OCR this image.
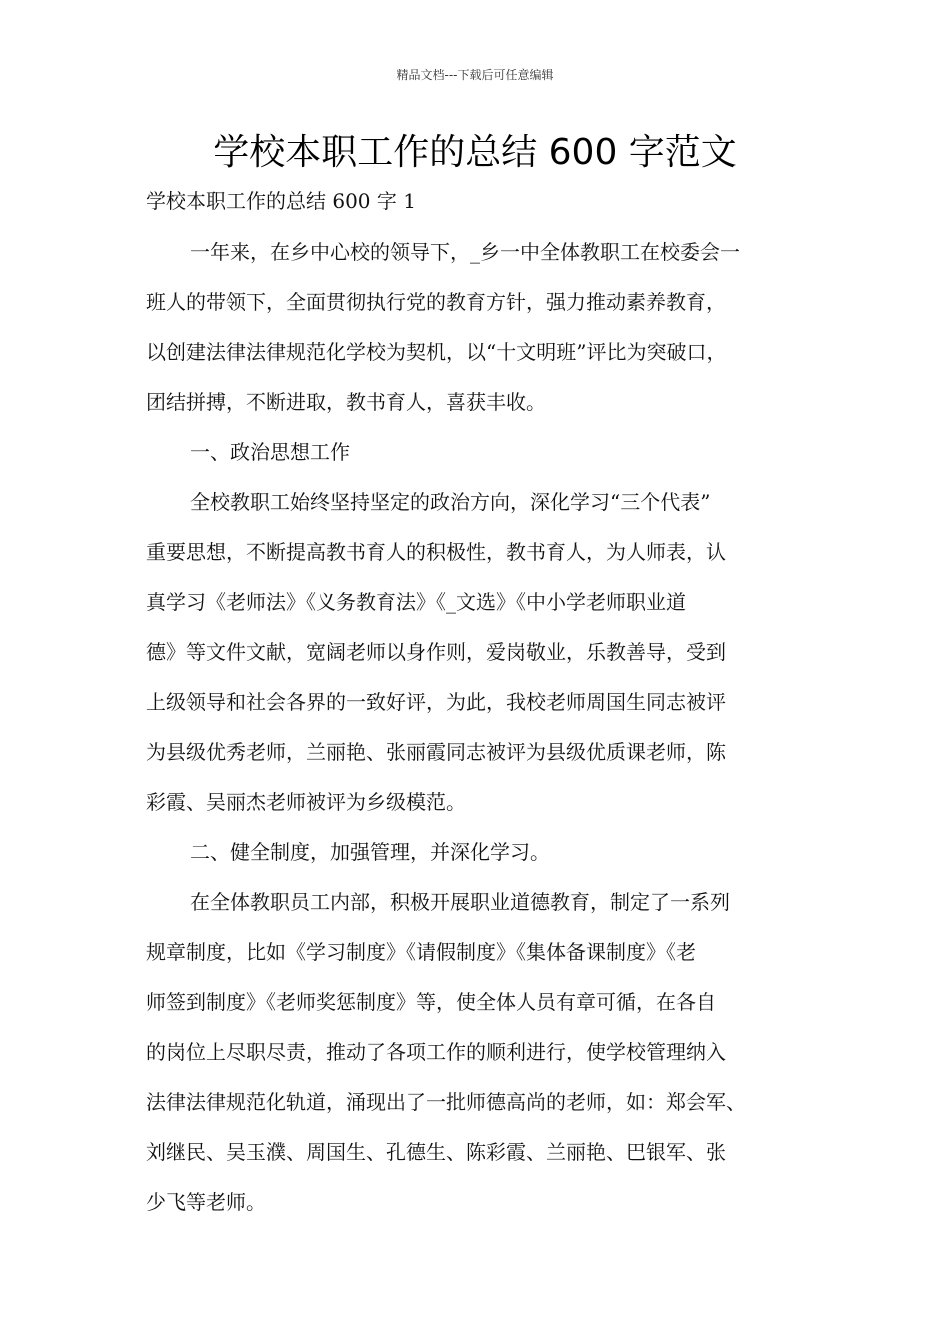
精品文档---下载后可任意编辑
学校本职工作的总结 600 字范文
学校本职工作的总结 600 字 1
一年来，在乡中心校的领导下，_乡一中全体教职工在校委会一
班人的带领下，全面贯彻执行党的教育方针，强力推动素养教育，
以创建法律法律规范化学校为契机，以“十文明班”评比为突破口，
团结拼搏，不断进取，教书育人，喜获丰收。
一、政治思想工作
全校教职工始终坚持坚定的政治方向，深化学习“三个代表”
重要思想，不断提高教书育人的积极性，教书育人，为人师表，认
真学习《老师法》《义务教育法》《_文选》《中小学老师职业道
德》等文件文献，宽阔老师以身作则，爱岗敬业，乐教善导，受到
上级领导和社会各界的一致好评，为此，我校老师周国生同志被评
为县级优秀老师，兰丽艳、张丽霞同志被评为县级优质课老师，陈
彩霞、吴丽杰老师被评为乡级模范。
二、健全制度，加强管理，并深化学习。
在全体教职员工内部，积极开展职业道德教育，制定了一系列
规章制度，比如《学习制度》《请假制度》《集体备课制度》《老
师签到制度》《老师奖惩制度》等，使全体人员有章可循，在各自
的岗位上尽职尽责，推动了各项工作的顺利进行，使学校管理纳入
法律法律规范化轨道，涌现出了一批师德高尚的老师，如：郑会军、
刘继民、吴玉濮、周国生、孔德生、陈彩霞、兰丽艳、巴银军、张
少飞等老师。
